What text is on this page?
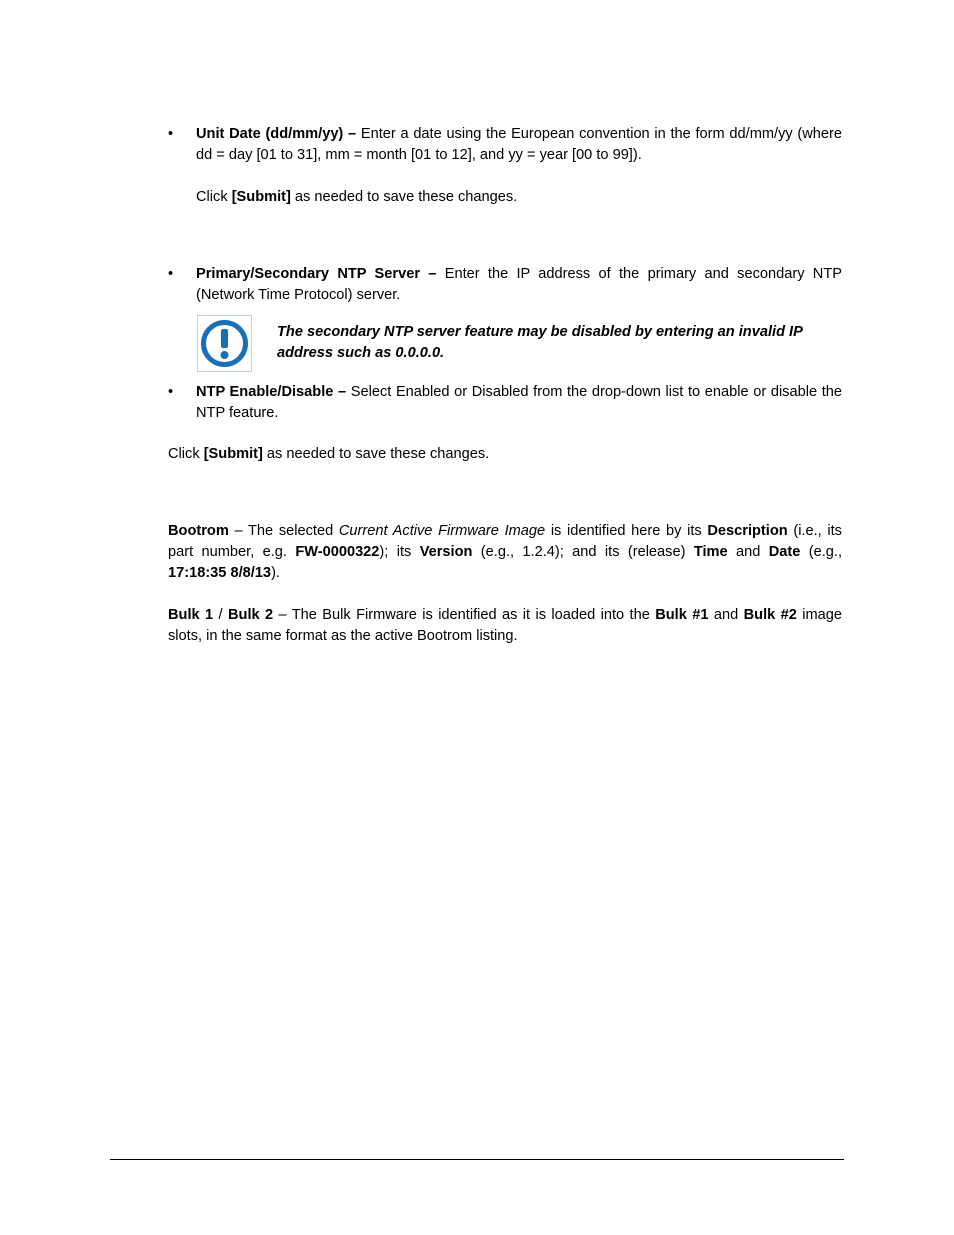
•	Unit Date (dd/mm/yy) – Enter a date using the European convention in the form dd/mm/yy (where dd = day [01 to 31], mm = month [01 to 12], and yy = year [00 to 99]).
Click [Submit] as needed to save these changes.
•	Primary/Secondary NTP Server – Enter the IP address of the primary and secondary NTP (Network Time Protocol) server.
The secondary NTP server feature may be disabled by entering an invalid IP address such as 0.0.0.0.
•	NTP Enable/Disable – Select Enabled or Disabled from the drop-down list to enable or disable the NTP feature.
Click [Submit] as needed to save these changes.
Bootrom – The selected Current Active Firmware Image is identified here by its Description (i.e., its part number, e.g. FW-0000322); its Version (e.g., 1.2.4); and its (release) Time and Date (e.g., 17:18:35 8/8/13).
Bulk 1 / Bulk 2 – The Bulk Firmware is identified as it is loaded into the Bulk #1 and Bulk #2 image slots, in the same format as the active Bootrom listing.
